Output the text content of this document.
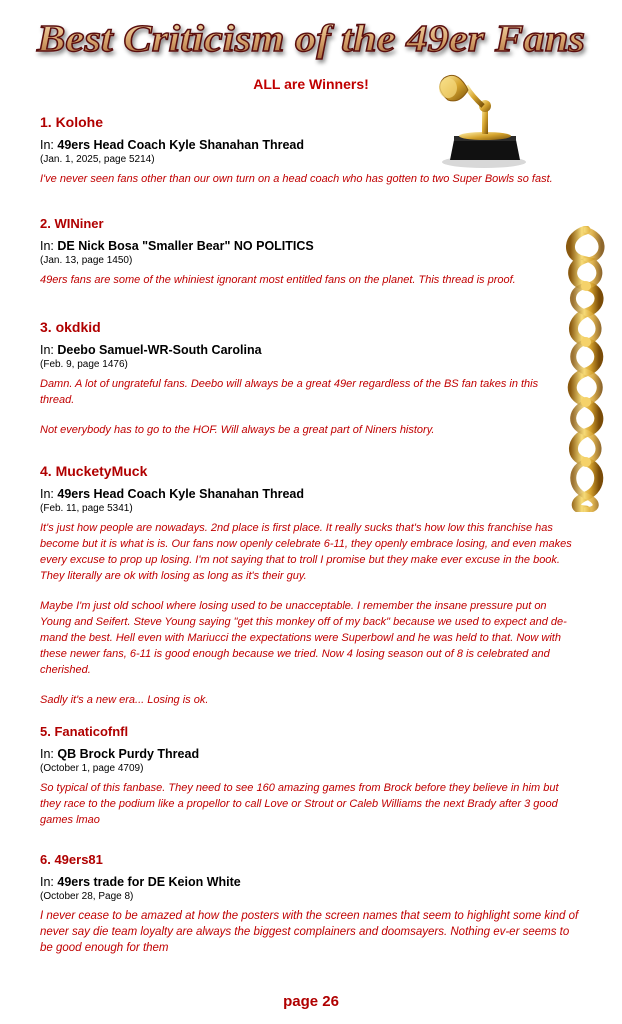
Best Criticism of the 49er Fans
ALL are Winners!
1. Kolohe
In: 49ers Head Coach Kyle Shanahan Thread
(Jan. 1, 2025, page 5214)

I've never seen fans other than our own turn on a head coach who has gotten to two Super Bowls so fast.

2. WINiner
In: DE Nick Bosa "Smaller Bear" NO POLITICS
(Jan. 13, page 1450)

49ers fans are some of the whiniest ignorant most entitled fans on the planet. This thread is proof.

3. okdkid
In: Deebo Samuel-WR-South Carolina
(Feb. 9, page 1476)

Damn. A lot of ungrateful fans. Deebo will always be a great 49er regardless of the BS fan takes in this thread.

Not everybody has to go to the HOF. Will always be a great part of Niners history.

4. MucketyMuck
In: 49ers Head Coach Kyle Shanahan Thread
(Feb. 11, page 5341)

It's just how people are nowadays. 2nd place is first place. It really sucks that's how low this franchise has become but it is what is is. Our fans now openly celebrate 6-11, they openly embrace losing, and even makes every excuse to prop up losing. I'm not saying that to troll I promise but they make ever excuse in the book. They literally are ok with losing as long as it's their guy.

Maybe I'm just old school where losing used to be unacceptable. I remember the insane pressure put on Young and Seifert. Steve Young saying "get this monkey off of my back" because we used to expect and de-mand the best. Hell even with Mariucci the expectations were Superbowl and he was held to that. Now with these newer fans, 6-11 is good enough because we tried. Now 4 losing season out of 8 is celebrated and cherished.

Sadly it's a new era... Losing is ok.

5. Fanaticofnfl
In: QB Brock Purdy Thread
(October 1, page 4709)

So typical of this fanbase. They need to see 160 amazing games from Brock before they believe in him but they race to the podium like a propellor to call Love or Strout or Caleb Williams the next Brady after 3 good games lmao

6. 49ers81
In: 49ers trade for DE Keion White
(October 28, Page 8)

I never cease to be amazed at how the posters with the screen names that seem to highlight some kind of never say die team loyalty are always the biggest complainers and doomsayers. Nothing ev-er seems to be good enough for them

page 26
